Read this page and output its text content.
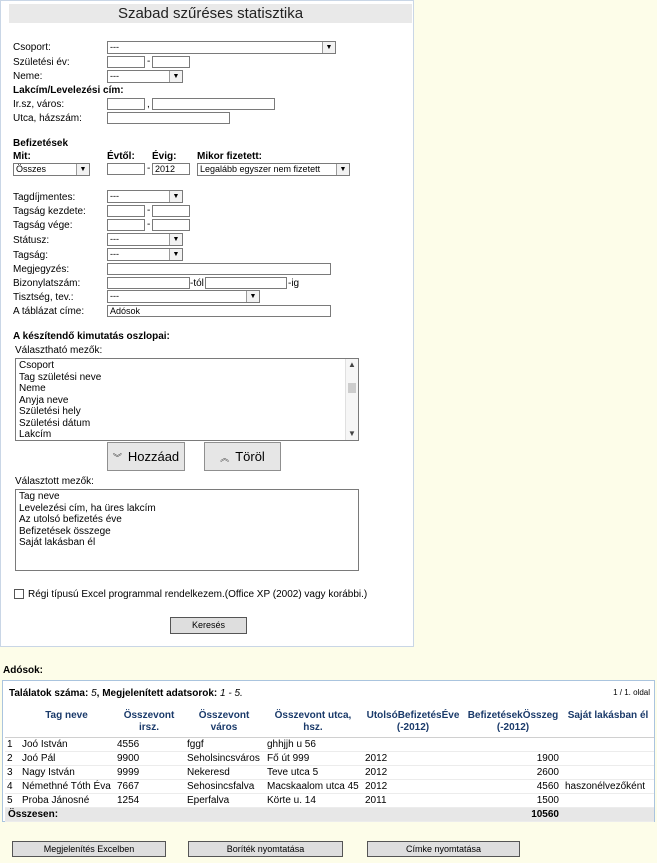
Szabad szűréses statisztika
Csoport:	---	▼
Születési év:	-
Neme:	---	▼
Lakcím/Levelezési cím:
Ir.sz, város:	,
Utca, házszám:
Befizetések
Mit:	Évtől: Évig: Mikor fizetett:
Összes	▼	-
2012	Legalább egyszer nem fizetett	▼
Tagdíjmentes:	---	▼
Tagság kezdete:	-
Tagság vége:	-
Státusz:	---	▼
Tagság:	---	▼
Megjegyzés:
Bizonylatszám:	-tól	-ig
Tisztség, tev.:	---	▼
A táblázat címe:
Adósok
A készítendő kimutatás oszlopai:
Választható mezők:
Csoport
Tag születési neve
Neme
Anyja neve
Születési hely
Születési dátum
Lakcím
▲
▼
︾ Hozzáad	︽ Töröl
Választott mezők:
Tag neve
Levelezési cím, ha üres lakcím
Az utolsó befizetés éve
Befizetések összege
Saját lakásban él
Régi típusú Excel programmal rendelkezem.(Office XP (2002) vagy korábbi.)
Keresés
Adósok:
Találatok száma: 5, Megjelenített adatsorok: 1 - 5.	1 / 1. oldal
	Tag neve	Összevont irsz.	Összevont város	Összevont utca, hsz.	UtolsóBefizetésÉve (-2012)	BefizetésekÖsszeg (-2012)	Saját lakásban él
1	Joó István	4556	fggf	ghhjjh u 56			
2	Joó Pál	9900	Seholsincsváros	Fő út 999	2012	1900	
3	Nagy István	9999	Nekeresd	Teve utca 5	2012	2600	
4	Némethné Tóth Éva	7667	Sehosincsfalva	Macskaalom utca 45	2012	4560	haszonélvezőként
5	Proba Jánosné	1254	Eperfalva	Körte u. 14	2011	1500	
Összesen:						10560	
Megjelenítés Excelben	Boríték nyomtatása	Címke nyomtatása
